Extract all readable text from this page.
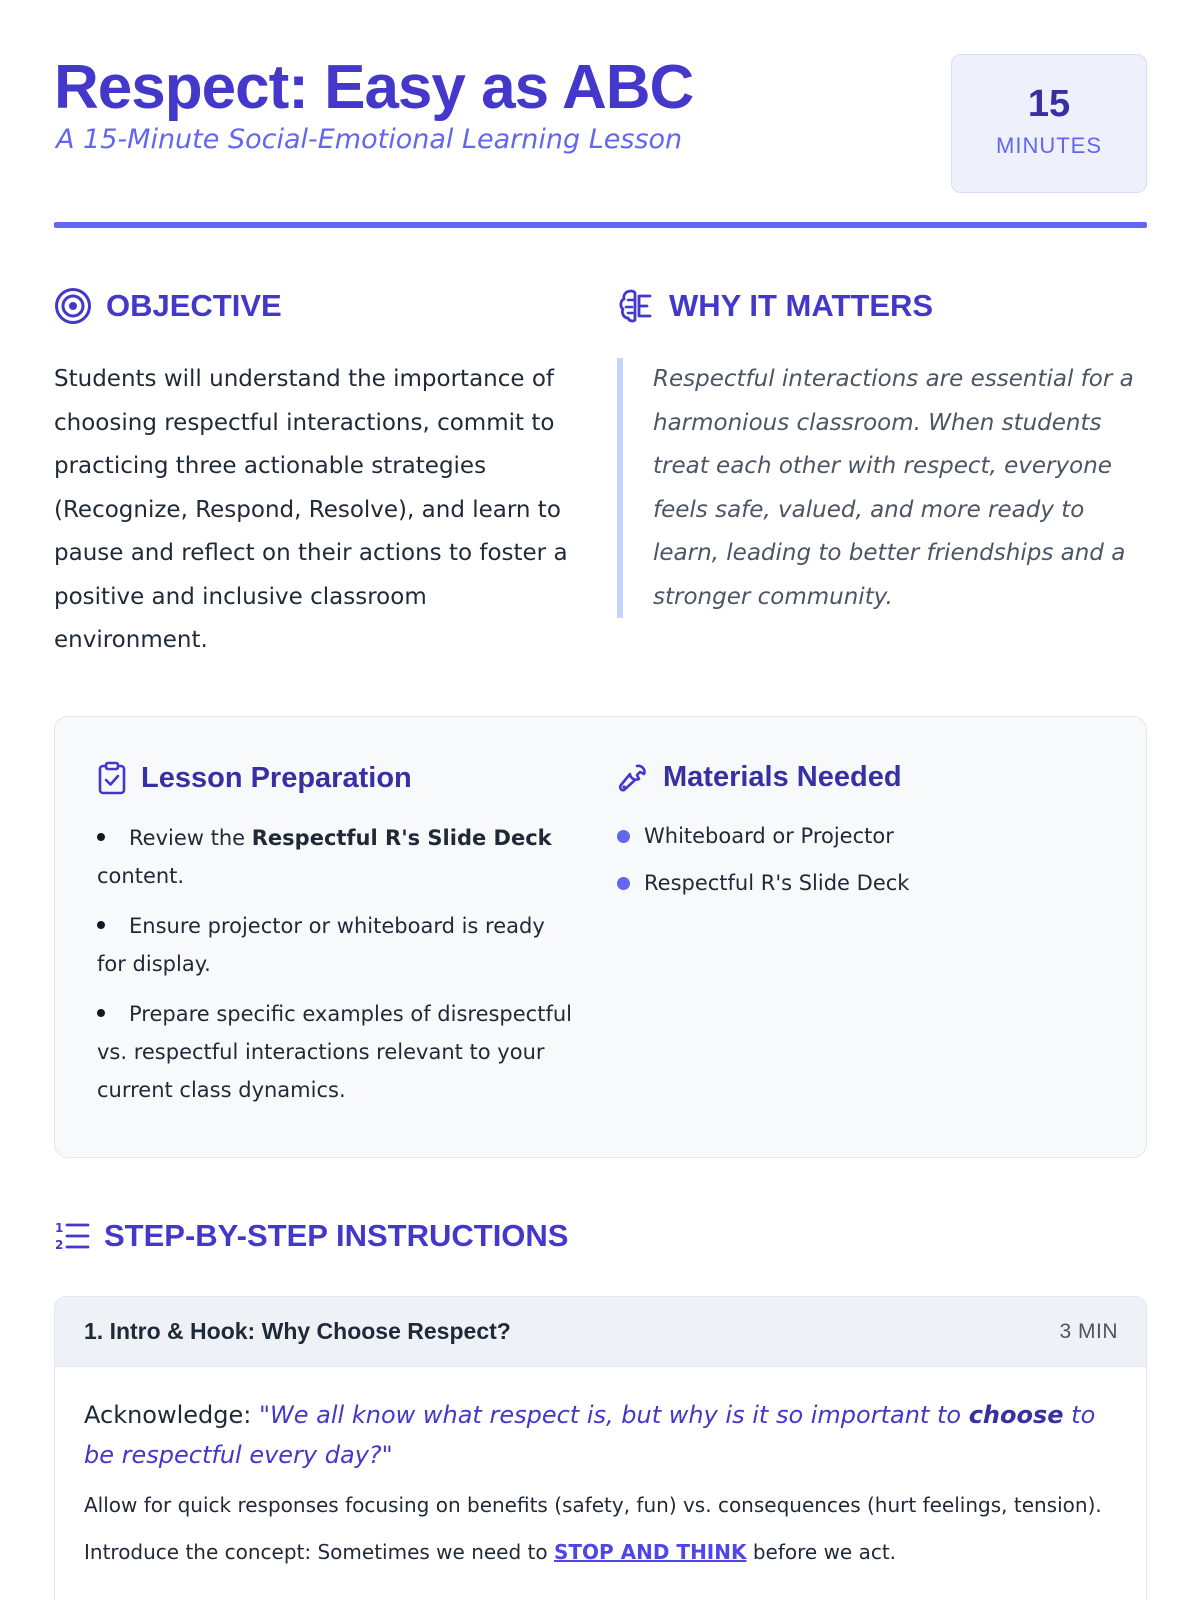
Respect: Easy as ABC
A 15-Minute Social-Emotional Learning Lesson
15
MINUTES
OBJECTIVE

Students will understand the importance of choosing respectful interactions, commit to practicing three actionable strategies (Recognize, Respond, Resolve), and learn to pause and reflect on their actions to foster a positive and inclusive classroom environment.

WHY IT MATTERS

Respectful interactions are essential for a harmonious classroom. When students treat each other with respect, everyone feels safe, valued, and more ready to learn, leading to better friendships and a stronger community.

Lesson Preparation
Review the Respectful R's Slide Deck content.
Ensure projector or whiteboard is ready for display.
Prepare specific examples of disrespectful vs. respectful interactions relevant to your current class dynamics.
Materials Needed
Whiteboard or Projector
Respectful R's Slide Deck
1
2 STEP-BY-STEP INSTRUCTIONS
1. Intro & Hook: Why Choose Respect?	3 MIN

Acknowledge: "We all know what respect is, but why is it so important to choose to be respectful every day?"

Allow for quick responses focusing on benefits (safety, fun) vs. consequences (hurt feelings, tension).

Introduce the concept: Sometimes we need to STOP AND THINK before we act.
